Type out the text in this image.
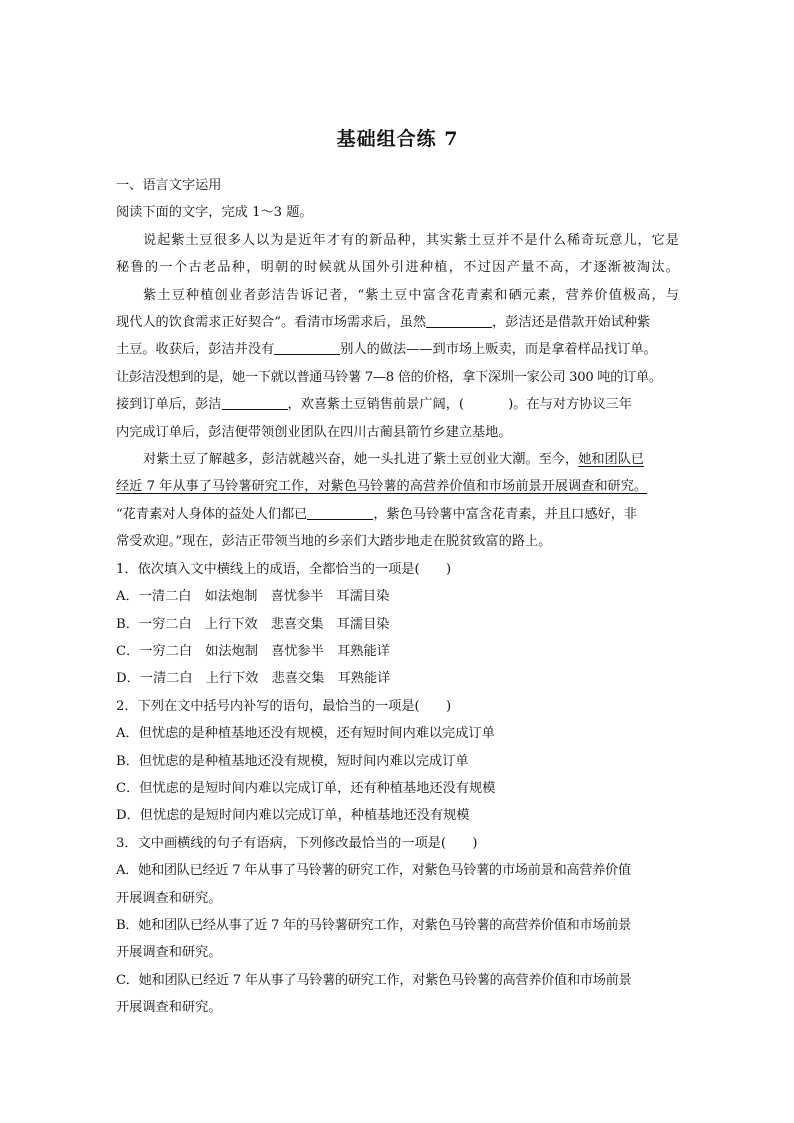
基础组合练 7
一、语言文字运用
阅读下面的文字，完成 1～3 题。
说起紫土豆很多人以为是近年才有的新品种，其实紫土豆并不是什么稀奇玩意儿，它是
秘鲁的一个古老品种，明朝的时候就从国外引进种植，不过因产量不高，才逐渐被淘汰。
紫土豆种植创业者彭洁告诉记者，“紫土豆中富含花青素和硒元素，营养价值极高，与
现代人的饮食需求正好契合”。看清市场需求后，虽然	，彭洁还是借款开始试种紫
土豆。收获后，彭洁并没有	别人的做法——到市场上贩卖，而是拿着样品找订单。
让彭洁没想到的是，她一下就以普通马铃薯 7—8 倍的价格，拿下深圳一家公司 300 吨的订单。
接到订单后，彭洁	，欢喜紫土豆销售前景广阔，(	)。在与对方协议三年
内完成订单后，彭洁便带领创业团队在四川古蔺县箭竹乡建立基地。
对紫土豆了解越多，彭洁就越兴奋，她一头扎进了紫土豆创业大潮。至今，她和团队已
经近 7 年从事了马铃薯研究工作，对紫色马铃薯的高营养价值和市场前景开展调查和研究。
“花青素对人身体的益处人们都已	，紫色马铃薯中富含花青素，并且口感好，非
常受欢迎。”现在，彭洁正带领当地的乡亲们大踏步地走在脱贫致富的路上。
1．依次填入文中横线上的成语，全都恰当的一项是(　　)
A．一清二白　如法炮制　喜忧参半　耳濡目染
B．一穷二白　上行下效　悲喜交集　耳濡目染
C．一穷二白　如法炮制　喜忧参半　耳熟能详
D．一清二白　上行下效　悲喜交集　耳熟能详
2．下列在文中括号内补写的语句，最恰当的一项是(　　)
A．但忧虑的是种植基地还没有规模，还有短时间内难以完成订单
B．但忧虑的是种植基地还没有规模，短时间内难以完成订单
C．但忧虑的是短时间内难以完成订单，还有种植基地还没有规模
D．但忧虑的是短时间内难以完成订单，种植基地还没有规模
3．文中画横线的句子有语病，下列修改最恰当的一项是(　　)
A．她和团队已经近 7 年从事了马铃薯的研究工作，对紫色马铃薯的市场前景和高营养价值
开展调查和研究。
B．她和团队已经从事了近 7 年的马铃薯研究工作，对紫色马铃薯的高营养价值和市场前景
开展调查和研究。
C．她和团队已经近 7 年从事了马铃薯的研究工作，对紫色马铃薯的高营养价值和市场前景
开展调查和研究。
